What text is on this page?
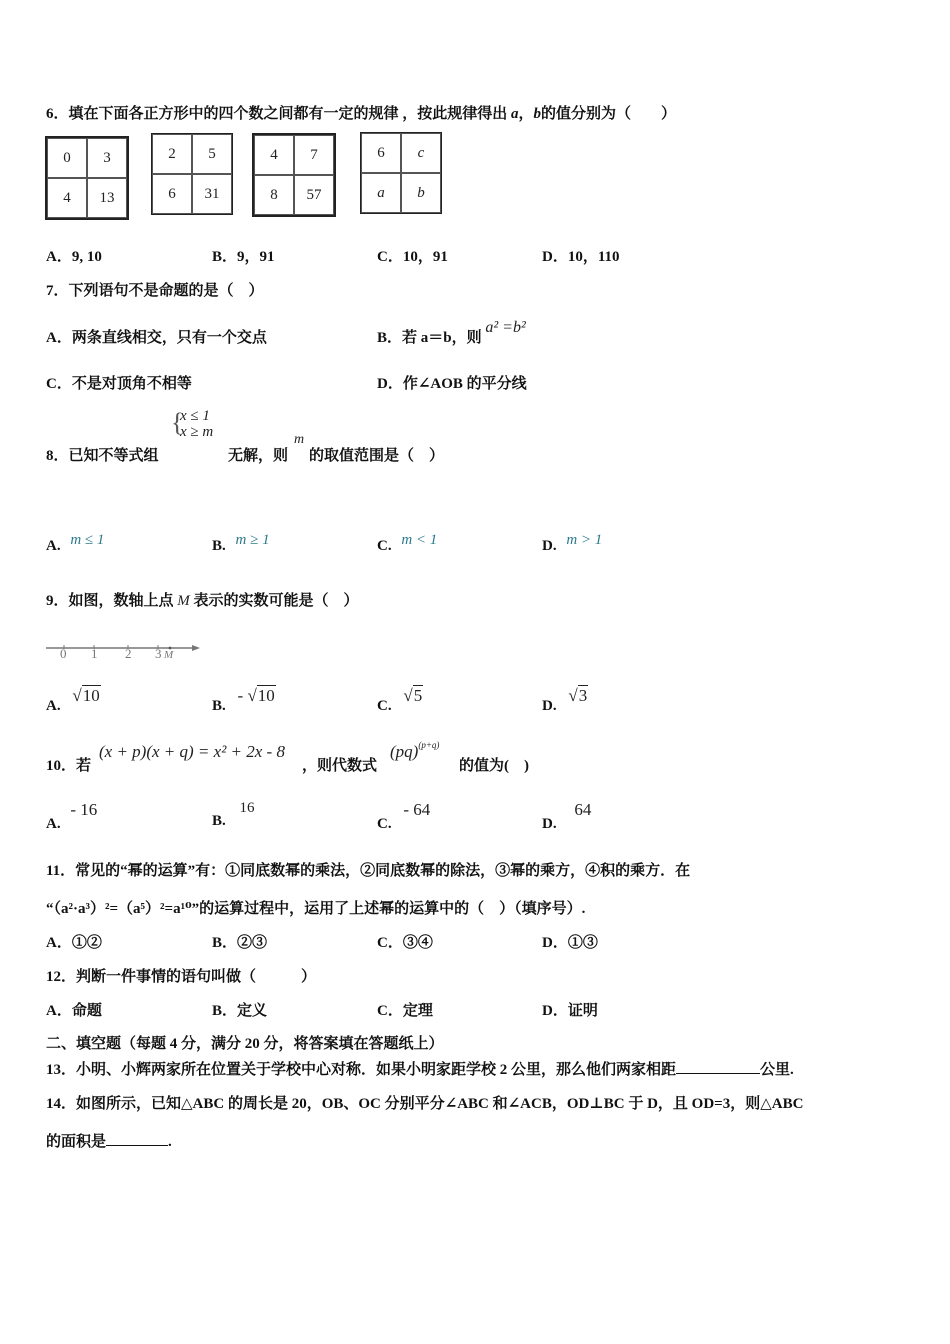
6．填在下面各正方形中的四个数之间都有一定的规律 ，按此规律得出 a，b的值分别为（　　）
0	3
4	13
2	5
6	31
4	7
8	57
6	c
a	b
A．9, 10	B．9，91	C．10，91	D．10，110
7．下列语句不是命题的是（　）
A．两条直线相交，只有一个交点	B．若 a＝b，则 a² =b²
C．不是对顶角不相等	D．作∠AOB 的平分线
8．已知不等式组
{
x ≤ 1
x ≥ m
无解，则
m
的取值范围是（　）
A. m ≤ 1	B. m ≥ 1	C. m < 1	D. m > 1
9．如图，数轴上点 M 表示的实数可能是（　）
0 1 2 3 M
A. √10
B. - √10
C. √5
D. √3
10．若
(x + p)(x + q) = x² + 2x - 8
，则代数式
(pq)$^{(p+q)}$
的值为(　)
A. - 16
B. 16
C. - 64
D. 64
11．常见的“幂的运算”有：①同底数幂的乘法，②同底数幂的除法，③幂的乘方，④积的乘方．在
“（a²·a³）²=（a⁵）²=a¹⁰”的运算过程中，运用了上述幂的运算中的（　）（填序号）.
A．①②	B．②③	C．③④	D．①③
12．判断一件事情的语句叫做（　　　）
A．命题	B．定义	C．定理	D．证明
二、填空题（每题 4 分，满分 20 分，将答案填在答题纸上）
13．小明、小辉两家所在位置关于学校中心对称．如果小明家距学校 2 公里，那么他们两家相距	公里.
14．如图所示，已知△ABC 的周长是 20，OB、OC 分别平分∠ABC 和∠ACB，OD⊥BC 于 D，且 OD=3，则△ABC
的面积是	.
